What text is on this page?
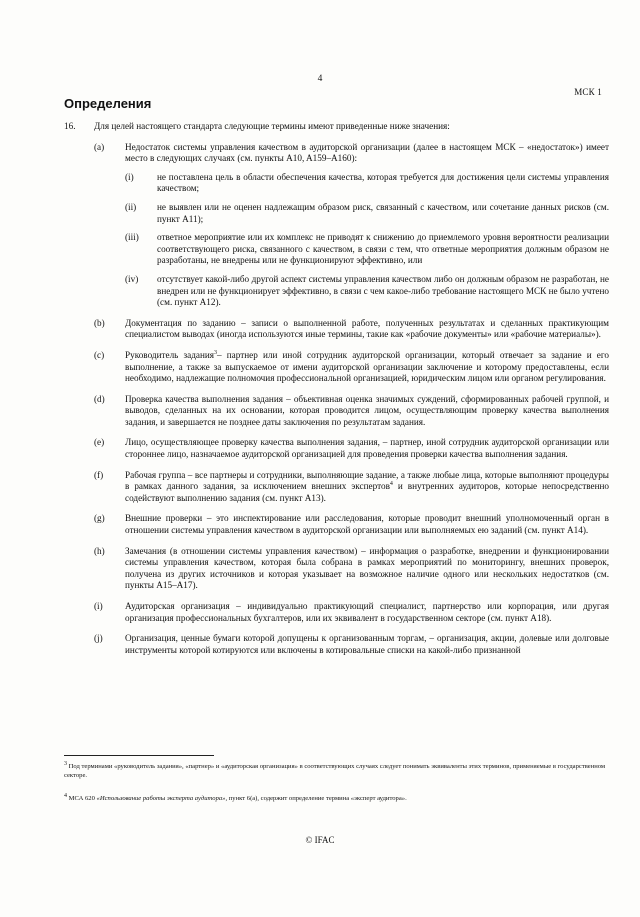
4
МСК 1
Определения
16.	Для целей настоящего стандарта следующие термины имеют приведенные ниже значения:
(a)	Недостаток системы управления качеством в аудиторской организации (далее в настоящем МСК – «недостаток») имеет место в следующих случаях (см. пункты A10, A159–A160):
(i)	не поставлена цель в области обеспечения качества, которая требуется для достижения цели системы управления качеством;
(ii)	не выявлен или не оценен надлежащим образом риск, связанный с качеством, или сочетание данных рисков (см. пункт A11);
(iii)	ответное мероприятие или их комплекс не приводят к снижению до приемлемого уровня вероятности реализации соответствующего риска, связанного с качеством, в связи с тем, что ответные мероприятия должным образом не разработаны, не внедрены или не функционируют эффективно, или
(iv)	отсутствует какой-либо другой аспект системы управления качеством либо он должным образом не разработан, не внедрен или не функционирует эффективно, в связи с чем какое-либо требование настоящего МСК не было учтено (см. пункт A12).
(b)	Документация по заданию – записи о выполненной работе, полученных результатах и сделанных практикующим специалистом выводах (иногда используются иные термины, такие как «рабочие документы» или «рабочие материалы»).
(c)	Руководитель задания$^3$– партнер или иной сотрудник аудиторской организации, который отвечает за задание и его выполнение, а также за выпускаемое от имени аудиторской организации заключение и которому предоставлены, если необходимо, надлежащие полномочия профессиональной организацией, юридическим лицом или органом регулирования.
(d)	Проверка качества выполнения задания – объективная оценка значимых суждений, сформированных рабочей группой, и выводов, сделанных на их основании, которая проводится лицом, осуществляющим проверку качества выполнения задания, и завершается не позднее даты заключения по результатам задания.
(e)	Лицо, осуществляющее проверку качества выполнения задания, – партнер, иной сотрудник аудиторской организации или стороннее лицо, назначаемое аудиторской организацией для проведения проверки качества выполнения задания.
(f)	Рабочая группа – все партнеры и сотрудники, выполняющие задание, а также любые лица, которые выполняют процедуры в рамках данного задания, за исключением внешних экспертов$^4$ и внутренних аудиторов, которые непосредственно содействуют выполнению задания (см. пункт A13).
(g)	Внешние проверки – это инспектирование или расследования, которые проводит внешний уполномоченный орган в отношении системы управления качеством в аудиторской организации или выполняемых ею заданий (см. пункт A14).
(h)	Замечания (в отношении системы управления качеством) – информация о разработке, внедрении и функционировании системы управления качеством, которая была собрана в рамках мероприятий по мониторингу, внешних проверок, получена из других источников и которая указывает на возможное наличие одного или нескольких недостатков (см. пункты A15–A17).
(i)	Аудиторская организация – индивидуально практикующий специалист, партнерство или корпорация, или другая организация профессиональных бухгалтеров, или их эквивалент в государственном секторе (см. пункт A18).
(j)	Организация, ценные бумаги которой допущены к организованным торгам, – организация, акции, долевые или долговые инструменты которой котируются или включены в котировальные списки на какой-либо признанной
$^3$ Под терминами «руководитель задания», «партнер» и «аудиторская организация» в соответствующих случаях следует понимать эквиваленты этих терминов, применяемые в государственном секторе.
$^4$ МСА 620 «Использование работы эксперта аудитора», пункт 6(a), содержит определение термина «эксперт аудитора».
© IFAC
